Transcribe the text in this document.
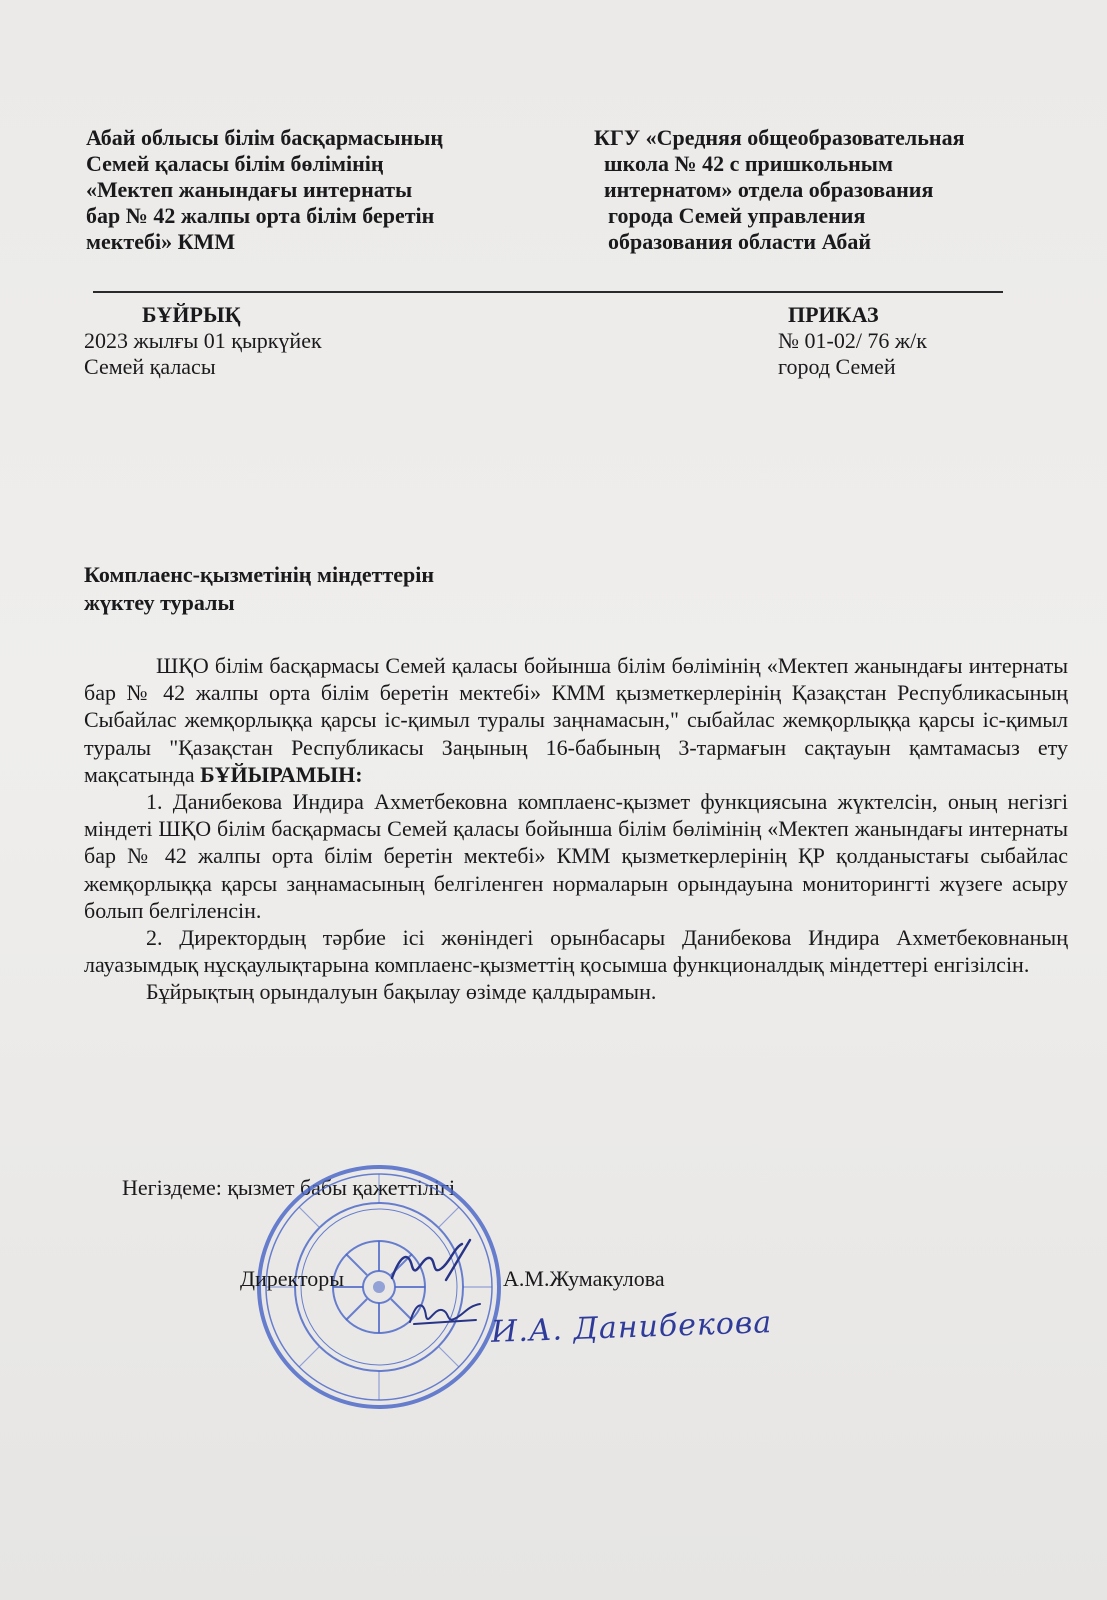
Абай облысы білім басқармасының
Семей қаласы білім бөлімінің
«Мектеп жанындағы интернаты
бар № 42 жалпы орта білім беретін
мектебі» КММ
КГУ «Средняя общеобразовательная
школа № 42 с пришкольным
интернатом» отдела образования
города Семей управления
образования области Абай
БҰЙРЫҚ
2023 жылғы 01 қыркүйек
Семей қаласы
ПРИКАЗ
№ 01-02/ 76 ж/к
город Семей
Комплаенс-қызметінің міндеттерін
жүктеу туралы

ШҚО білім басқармасы Семей қаласы бойынша білім бөлімінің «Мектеп жанындағы интернаты бар № 42 жалпы орта білім беретін мектебі» КММ қызметкерлерінің Қазақстан Республикасының Сыбайлас жемқорлыққа қарсы іс-қимыл туралы заңнамасын," сыбайлас жемқорлыққа қарсы іс-қимыл туралы "Қазақстан Республикасы Заңының 16-бабының 3-тармағын сақтауын қамтамасыз ету мақсатында БҰЙЫРАМЫН:

1. Данибекова Индира Ахметбековна комплаенс-қызмет функциясына жүктелсін, оның негізгі міндеті ШҚО білім басқармасы Семей қаласы бойынша білім бөлімінің «Мектеп жанындағы интернаты бар № 42 жалпы орта білім беретін мектебі» КММ қызметкерлерінің ҚР қолданыстағы сыбайлас жемқорлыққа қарсы заңнамасының белгіленген нормаларын орындауына мониторингті жүзеге асыру болып белгіленсін.

2. Директордың тәрбие ісі жөніндегі орынбасары Данибекова Индира Ахметбековнаның лауазымдық нұсқаулықтарына комплаенс-қызметтің қосымша функционалдық міндеттері енгізілсін.

Бұйрықтың орындалуын бақылау өзімде қалдырамын.

Негіздеме: қызмет бабы қажеттілігі
Директоры	А.М.Жумакулова
И.А. Данибекова
